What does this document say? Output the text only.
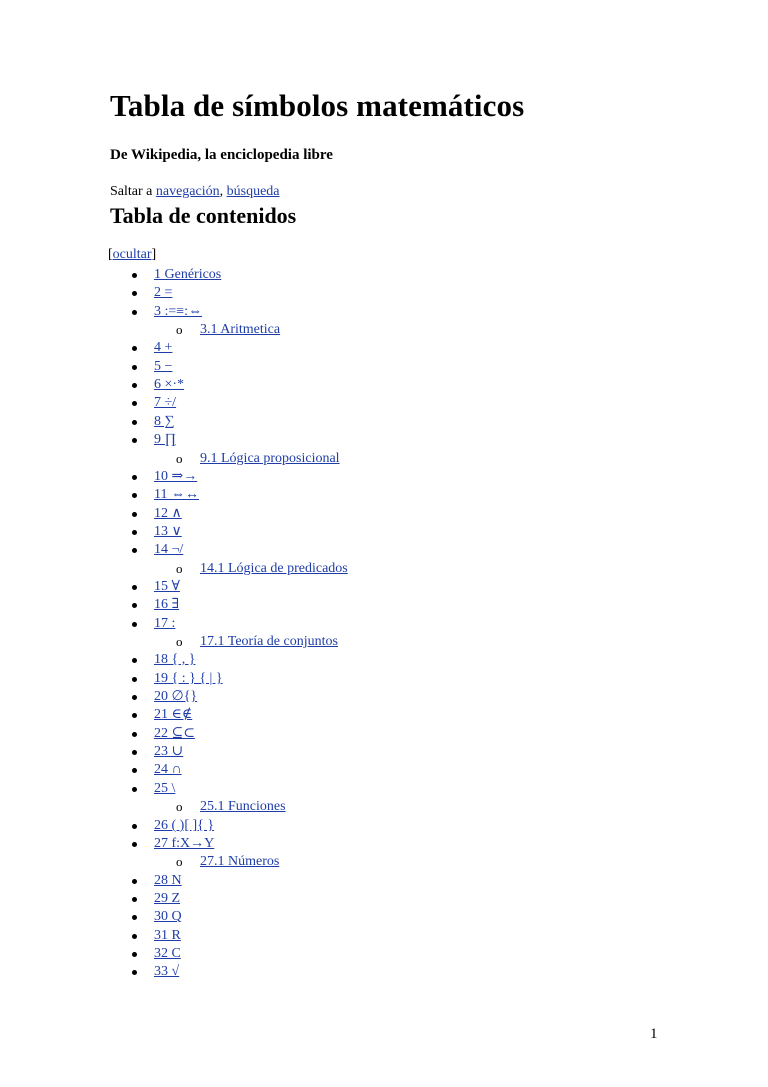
Tabla de símbolos matemáticos
De Wikipedia, la enciclopedia libre
Saltar a navegación, búsqueda
Tabla de contenidos
[ocultar]
1 Genéricos
2 =
3 :=≡:⇔
o 3.1 Aritmetica
4 +
5 −
6 ×·*
7 ÷/
8 ∑
9 ∏
o 9.1 Lógica proposicional
10 ⇒→
11 ⇔↔
12 ∧
13 ∨
14 ¬/
o 14.1 Lógica de predicados
15 ∀
16 ∃
17 :
o 17.1 Teoría de conjuntos
18 { , }
19 { : } { | }
20 ∅{}
21 ∈∉
22 ⊆⊂
23 ∪
24 ∩
25 \
o 25.1 Funciones
26 ( )[ ]{ }
27 f:X→Y
o 27.1 Números
28 N
29 Z
30 Q
31 R
32 C
33 √
1
